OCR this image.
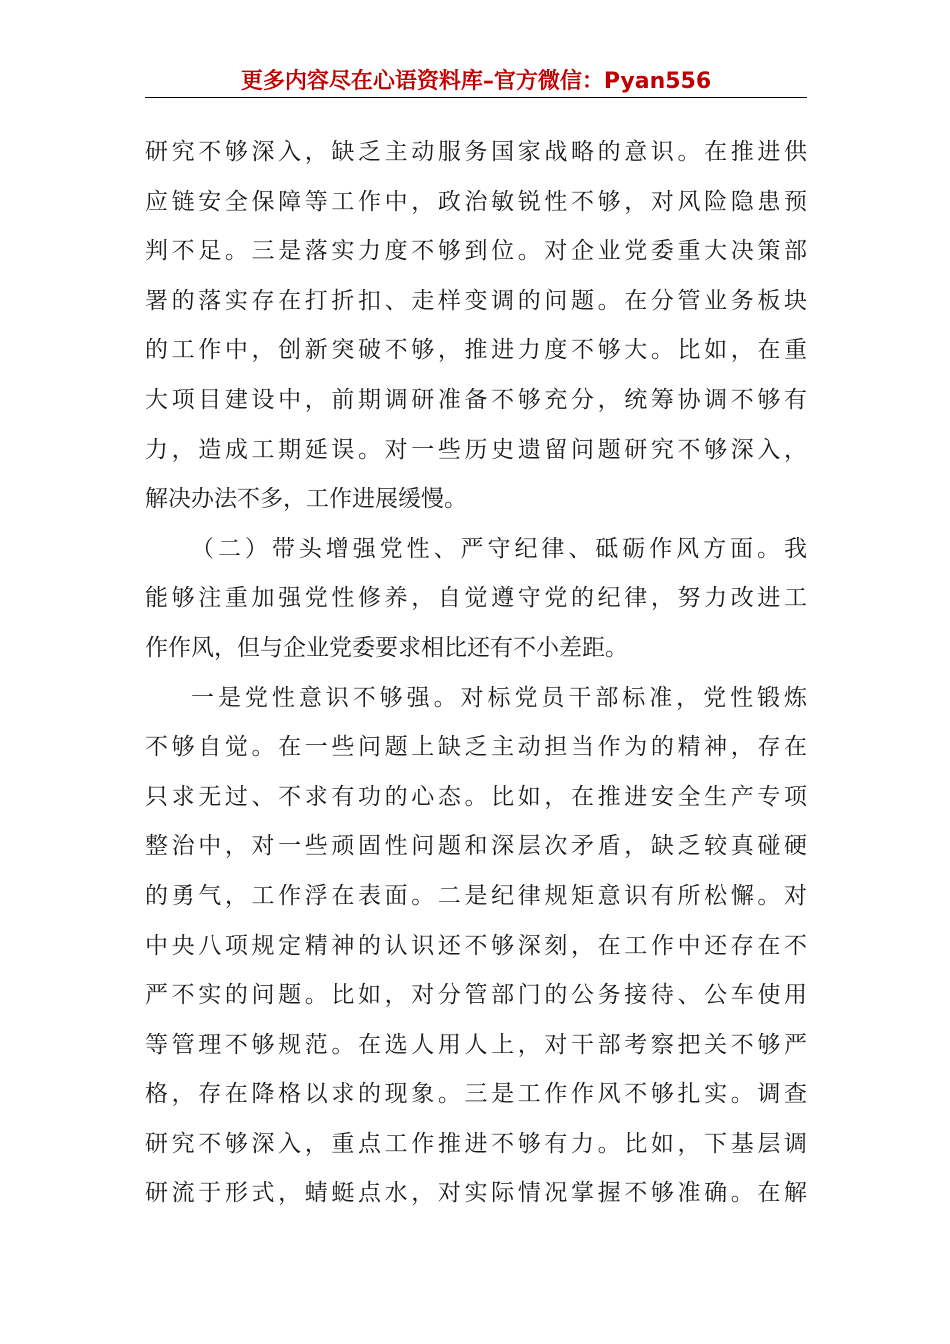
更多内容尽在心语资料库–官方微信：Pyan556
研究不够深入，缺乏主动服务国家战略的意识。在推进供
应链安全保障等工作中，政治敏锐性不够，对风险隐患预
判不足。三是落实力度不够到位。对企业党委重大决策部
署的落实存在打折扣、走样变调的问题。在分管业务板块
的工作中，创新突破不够，推进力度不够大。比如，在重
大项目建设中，前期调研准备不够充分，统筹协调不够有
力，造成工期延误。对一些历史遗留问题研究不够深入，
解决办法不多，工作进展缓慢。
（二）带头增强党性、严守纪律、砥砺作风方面。我
能够注重加强党性修养，自觉遵守党的纪律，努力改进工
作作风，但与企业党委要求相比还有不小差距。
一是党性意识不够强。对标党员干部标准，党性锻炼
不够自觉。在一些问题上缺乏主动担当作为的精神，存在
只求无过、不求有功的心态。比如，在推进安全生产专项
整治中，对一些顽固性问题和深层次矛盾，缺乏较真碰硬
的勇气，工作浮在表面。二是纪律规矩意识有所松懈。对
中央八项规定精神的认识还不够深刻，在工作中还存在不
严不实的问题。比如，对分管部门的公务接待、公车使用
等管理不够规范。在选人用人上，对干部考察把关不够严
格，存在降格以求的现象。三是工作作风不够扎实。调查
研究不够深入，重点工作推进不够有力。比如，下基层调
研流于形式，蜻蜓点水，对实际情况掌握不够准确。在解
